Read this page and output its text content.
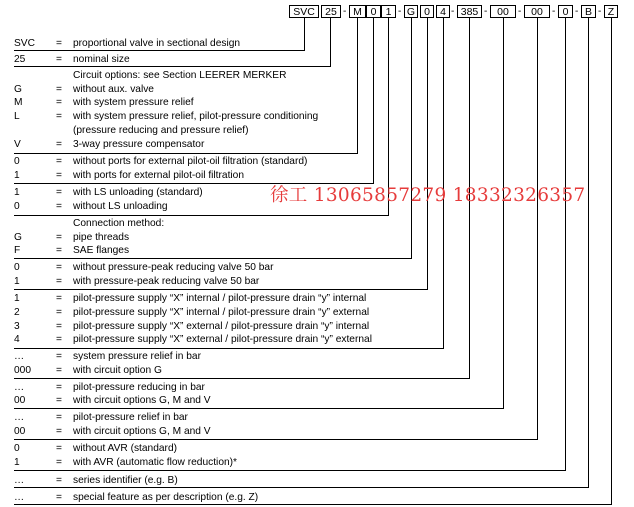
SVC 25 - M 0 1 - G 0 4 - 385 - 00 - 00 - 0 - B - Z
SVC = proportional valve in sectional design
25	= nominal size
Circuit options: see Section LEERER MERKER
G	= without aux. valve
M	= with system pressure relief
L	= with system pressure relief, pilot-pressure conditioning
(pressure reducing and pressure relief)
V	= 3-way pressure compensator
0	= without ports for external pilot-oil filtration (standard)
1	= with ports for external pilot-oil filtration
1	= with LS unloading (standard)
0	= without LS unloading
Connection method:
G	= pipe threads
F	= SAE flanges
0	= without pressure-peak reducing valve 50 bar
1	= with pressure-peak reducing valve 50 bar
1	= pilot-pressure supply “X” internal / pilot-pressure drain “y” internal
2	= pilot-pressure supply “X” internal / pilot-pressure drain “y” external
3	= pilot-pressure supply “X” external / pilot-pressure drain “y” internal
4	= pilot-pressure supply “X” external / pilot-pressure drain “y” external
…	= system pressure relief in bar
000 = with circuit option G
…	= pilot-pressure reducing in bar
00	= with circuit options G, M and V
…	= pilot-pressure relief in bar
00	= with circuit options G, M and V
0	= without AVR (standard)
1	= with AVR (automatic flow reduction)*
…	= series identifier (e.g. B)
…	= special feature as per description (e.g. Z)
徐工 13065857279 18332326357
